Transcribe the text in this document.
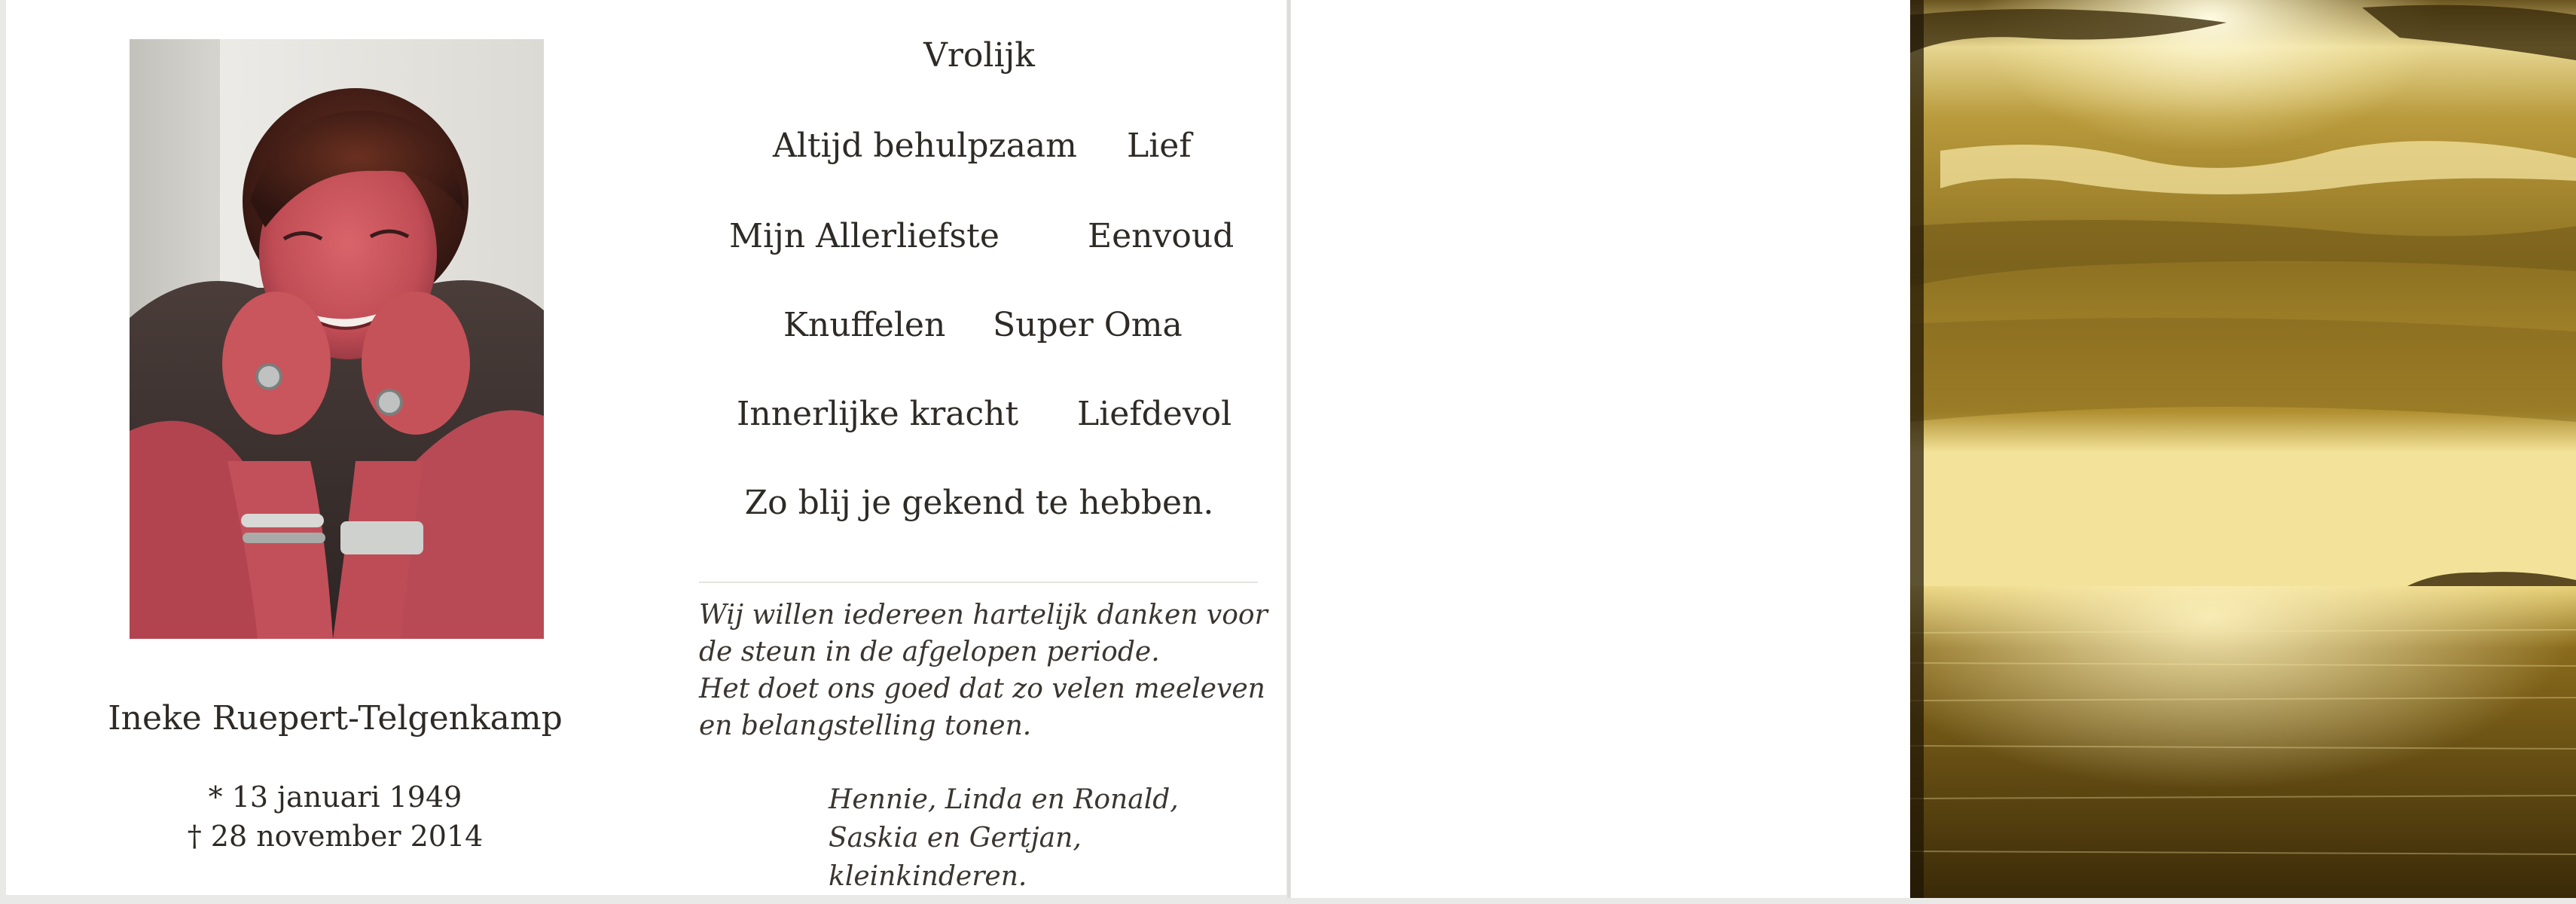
Ineke Ruepert-Telgenkamp
* 13 januari 1949
† 28 november 2014
Vrolijk
Altijd behulpzaam Lief
Mijn Allerliefste	Eenvoud
Knuffelen Super Oma
Innerlijke kracht Liefdevol
Zo blij je gekend te hebben.
Wij willen iedereen hartelijk danken voor
de steun in de afgelopen periode.
Het doet ons goed dat zo velen meeleven
en belangstelling tonen.
Hennie, Linda en Ronald,
Saskia en Gertjan, kleinkinderen.
